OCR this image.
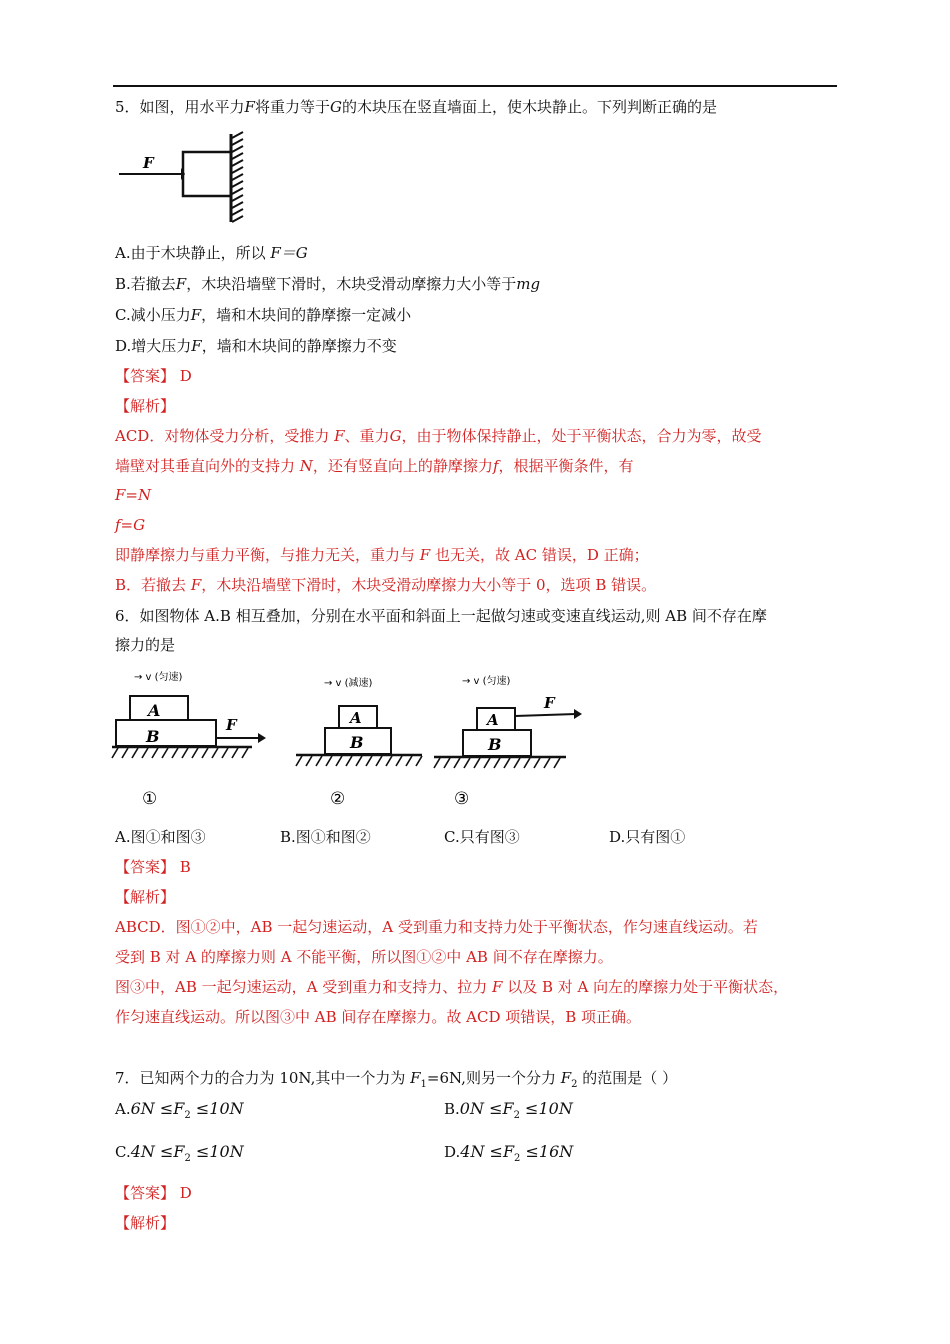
5．如图，用水平力F将重力等于G的木块压在竖直墙面上，使木块静止。下列判断正确的是
F
A.由于木块静止，所以 F＝G
B.若撤去F，木块沿墙壁下滑时，木块受滑动摩擦力大小等于mg
C.减小压力F，墙和木块间的静摩擦一定减小
D.增大压力F，墙和木块间的静摩擦力不变
【答案】 D
【解析】
ACD．对物体受力分析，受推力 F、重力G，由于物体保持静止，处于平衡状态，合力为零，故受
墙壁对其垂直向外的支持力 N，还有竖直向上的静摩擦力f，根据平衡条件，有
F=N
f=G
即静摩擦力与重力平衡，与推力无关，重力与 F 也无关，故 AC 错误，D 正确；
B．若撤去 F，木块沿墙壁下滑时，木块受滑动摩擦力大小等于 0，选项 B 错误。
6．如图物体 A.B 相互叠加，分别在水平面和斜面上一起做匀速或变速直线运动,则 AB 间不存在摩
擦力的是
→ v (匀速)
A
B
F
①
→ v (减速)
A
B
②
→ v (匀速)
A
F
B
③
A.图①和图③	B.图①和图②	C.只有图③	D.只有图①
【答案】 B
【解析】
ABCD．图①②中，AB 一起匀速运动，A 受到重力和支持力处于平衡状态，作匀速直线运动。若
受到 B 对 A 的摩擦力则 A 不能平衡，所以图①②中 AB 间不存在摩擦力。
图③中，AB 一起匀速运动，A 受到重力和支持力、拉力 F 以及 B 对 A 向左的摩擦力处于平衡状态，
作匀速直线运动。所以图③中 AB 间存在摩擦力。故 ACD 项错误，B 项正确。
7．已知两个力的合力为 10N,其中一个力为 $F_1=6N$,则另一个分力 $F_2$ 的范围是（ ）
$A.6N \le F_2 \le 10N$	$B.0N \le F_2 \le 10N$
$C.4N \le F_2 \le 10N$	$D.4N \le F_2 \le 16N$
【答案】 D
【解析】
